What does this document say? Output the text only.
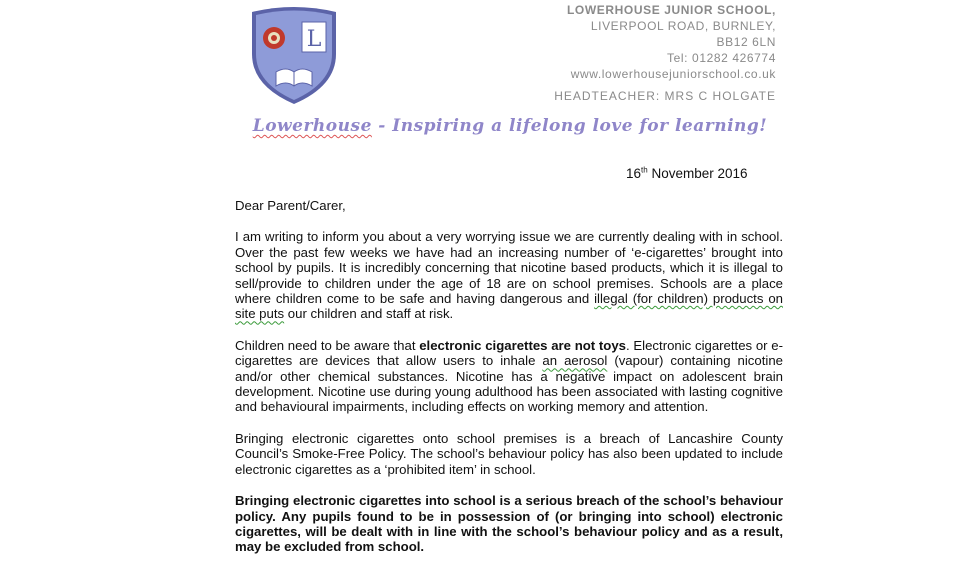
L
LOWERHOUSE JUNIOR SCHOOL,
LIVERPOOL ROAD, BURNLEY,
BB12 6LN
Tel: 01282 426774
www.lowerhousejuniorschool.co.uk
HEADTEACHER: MRS C HOLGATE
Lowerhouse - Inspiring a lifelong love for learning!
16th November 2016

Dear Parent/Carer,

I am writing to inform you about a very worrying issue we are currently dealing with in school. Over the past few weeks we have had an increasing number of ‘e-cigarettes’ brought into school by pupils. It is incredibly concerning that nicotine based products, which it is illegal to sell/provide to children under the age of 18 are on school premises. Schools are a place where children come to be safe and having dangerous and illegal (for children) products on site puts our children and staff at risk.

Children need to be aware that electronic cigarettes are not toys. Electronic cigarettes or e-cigarettes are devices that allow users to inhale an aerosol (vapour) containing nicotine and/or other chemical substances. Nicotine has a negative impact on adolescent brain development. Nicotine use during young adulthood has been associated with lasting cognitive and behavioural impairments, including effects on working memory and attention.

Bringing electronic cigarettes onto school premises is a breach of Lancashire County Council’s Smoke-Free Policy. The school’s behaviour policy has also been updated to include electronic cigarettes as a ‘prohibited item’ in school.

Bringing electronic cigarettes into school is a serious breach of the school’s behaviour policy. Any pupils found to be in possession of (or bringing into school) electronic cigarettes, will be dealt with in line with the school’s behaviour policy and as a result, may be excluded from school.
